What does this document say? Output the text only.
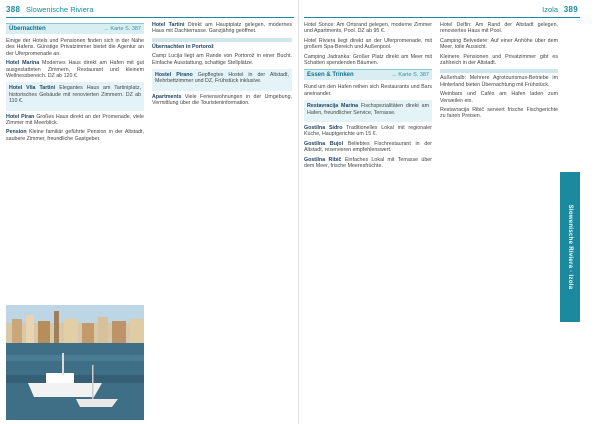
388 Slowenische Riviera
Übernachten	→ Karte S. 387

Einige der Hotels und Pensionen finden sich in der Nähe des Hafens. Günstige Privatzimmer bietet die Agentur an der Uferpromenade an.

Hotel Marina Modernes Haus direkt am Hafen mit gut ausgestatteten Zimmern, Restaurant und kleinem Wellnessbereich. DZ ab 120 €.

Hotel Vila Tartini Elegantes Haus am Tartiniplatz, historisches Gebäude mit renovierten Zimmern. DZ ab 110 €.

Hotel Piran Großes Haus direkt an der Promenade, viele Zimmer mit Meerblick.

Pension Kleine familiär geführte Pension in der Altstadt, saubere Zimmer, freundliche Gastgeber.

Hotel Tartini Direkt am Hauptplatz gelegen, modernes Haus mit Dachterrasse. Ganzjährig geöffnet.

Übernachten in Portorož

Camp Lucija liegt am Rande von Portorož in einer Bucht. Einfache Ausstattung, schattige Stellplätze.

Hostel Pirano Gepflegtes Hostel in der Altstadt, Mehrbettzimmer und DZ, Frühstück inklusive.

Apartments Viele Ferienwohnungen in der Umgebung, Vermittlung über die Touristeninformation.

Izola 389

Hotel Sonce: Am Ortsrand gelegen, moderne Zimmer und Apartments, Pool. DZ ab 95 €.

Hotel Riviera liegt direkt an der Uferpromenade, mit großem Spa-Bereich und Außenpool.

Camping Jadranka: Großer Platz direkt am Meer mit Schatten spendenden Bäumen.

Essen & Trinken	→ Karte S. 387

Rund um den Hafen reihen sich Restaurants und Bars aneinander.

Restavracija Marina Fischspezialitäten direkt am Hafen, freundlicher Service, Terrasse.

Gostilna Sidro Traditionelles Lokal mit regionaler Küche, Hauptgerichte um 15 €.

Gostilna Bujol Beliebtes Fischrestaurant in der Altstadt, reservieren empfehlenswert.

Gostilna Ribič Einfaches Lokal mit Terrasse über dem Meer, frische Meeresfrüchte.

Hotel Delfin: Am Rand der Altstadt gelegen, renoviertes Haus mit Pool.

Camping Belvedere: Auf einer Anhöhe über dem Meer, tolle Aussicht.

Kleinere Pensionen und Privatzimmer gibt es zahlreich in der Altstadt.

Außerhalb: Mehrere Agrotourismus-Betriebe im Hinterland bieten Übernachtung mit Frühstück.

Weinbars und Cafés am Hafen laden zum Verweilen ein.

Restavracija Ribič serviert frische Fischgerichte zu fairen Preisen.

Slowenische Riviera · Izola
